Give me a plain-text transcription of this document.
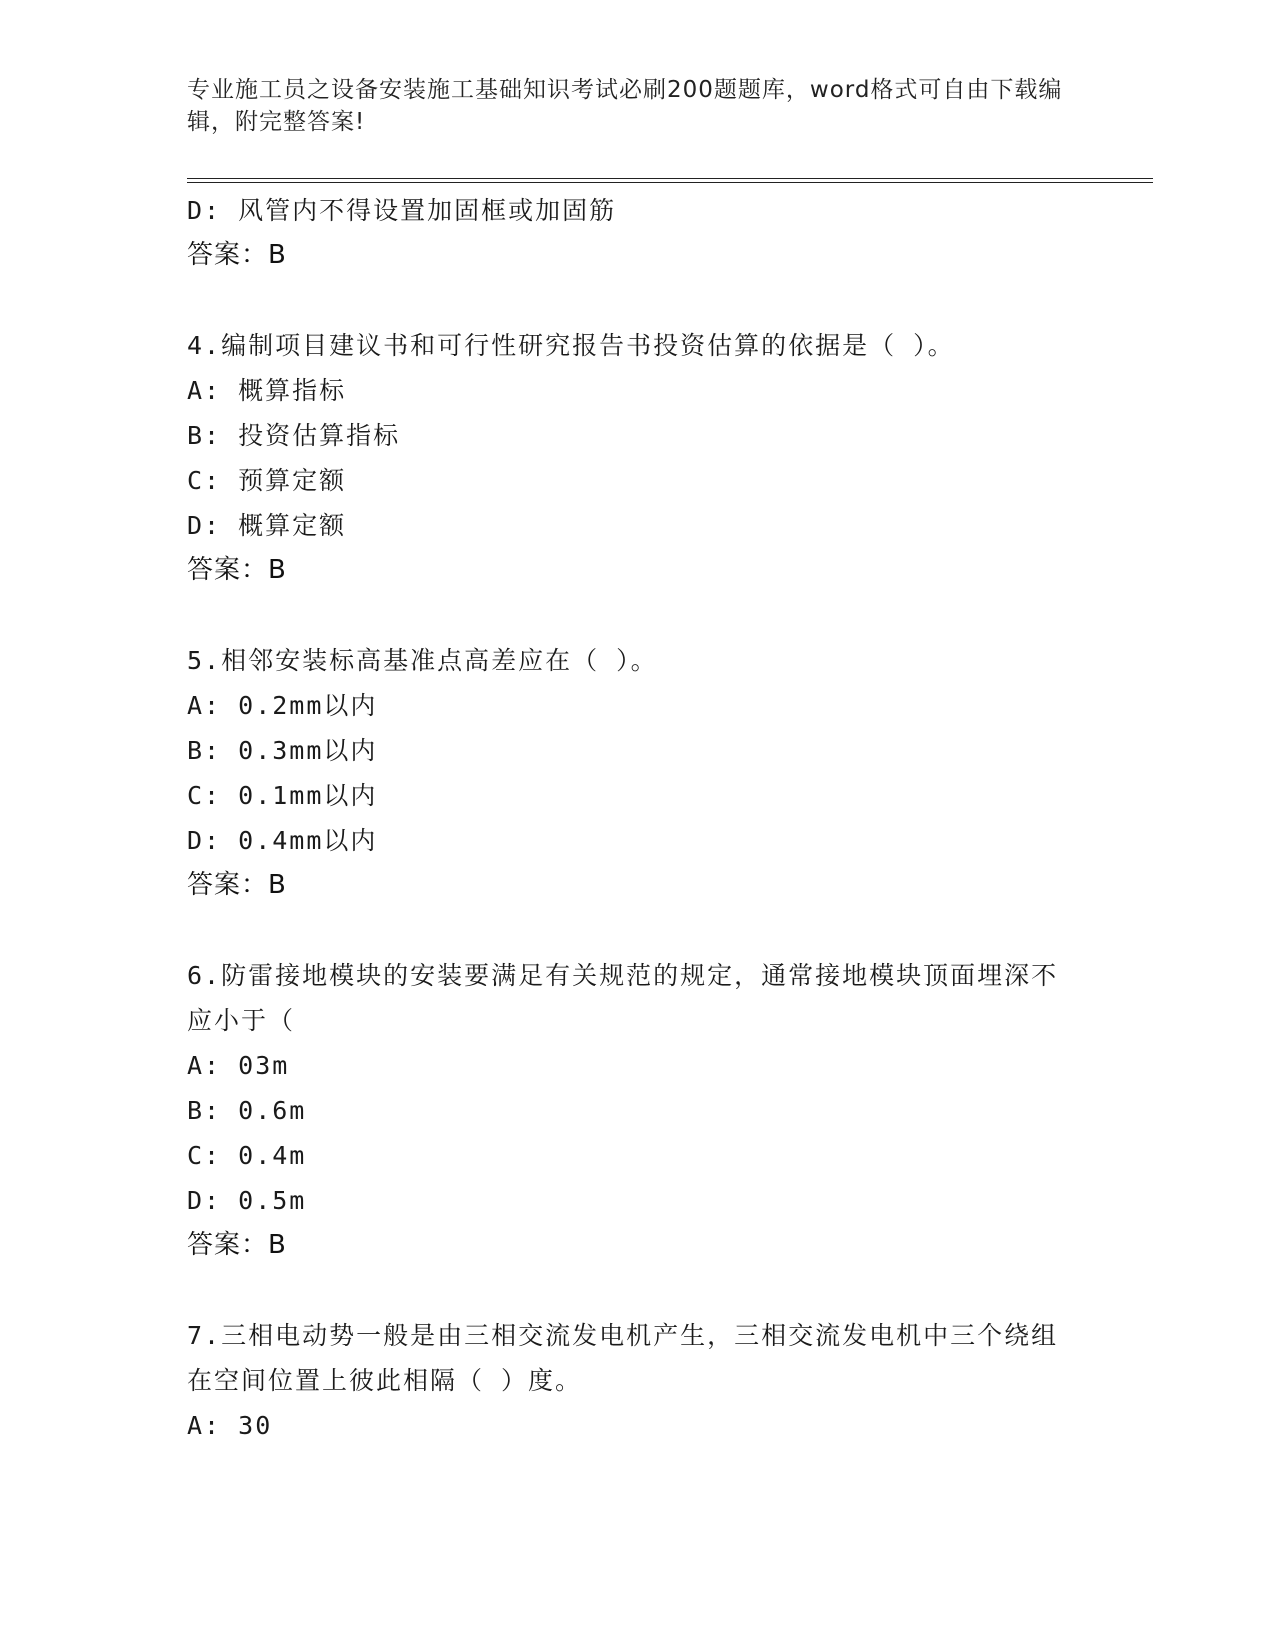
专业施工员之设备安装施工基础知识考试必刷200题题库，word格式可自由下载编辑，附完整答案!
D: 风管内不得设置加固框或加固筋
答案：B
4.编制项目建议书和可行性研究报告书投资估算的依据是（ ）。
A: 概算指标
B: 投资估算指标
C: 预算定额
D: 概算定额
答案：B
5.相邻安装标高基准点高差应在（ ）。
A: 0.2mm以内
B: 0.3mm以内
C: 0.1mm以内
D: 0.4mm以内
答案：B
6.防雷接地模块的安装要满足有关规范的规定，通常接地模块顶面埋深不应小于（
A: 03m
B: 0.6m
C: 0.4m
D: 0.5m
答案：B
7.三相电动势一般是由三相交流发电机产生，三相交流发电机中三个绕组在空间位置上彼此相隔（ ）度。
A: 30
